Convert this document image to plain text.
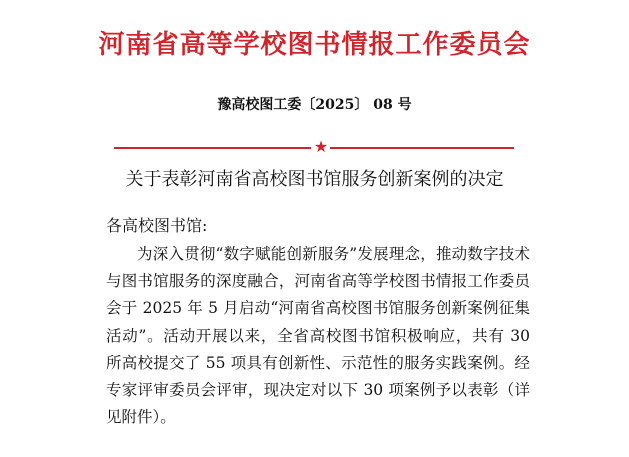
河南省高等学校图书情报工作委员会
豫高校图工委〔2025〕 08 号
★
关于表彰河南省高校图书馆服务创新案例的决定
各高校图书馆:

为深入贯彻“数字赋能创新服务”发展理念，推动数字技术与图书馆服务的深度融合，河南省高等学校图书情报工作委员会于 2025 年 5 月启动“河南省高校图书馆服务创新案例征集活动”。活动开展以来，全省高校图书馆积极响应，共有 30 所高校提交了 55 项具有创新性、示范性的服务实践案例。经专家评审委员会评审，现决定对以下 30 项案例予以表彰（详见附件）。
